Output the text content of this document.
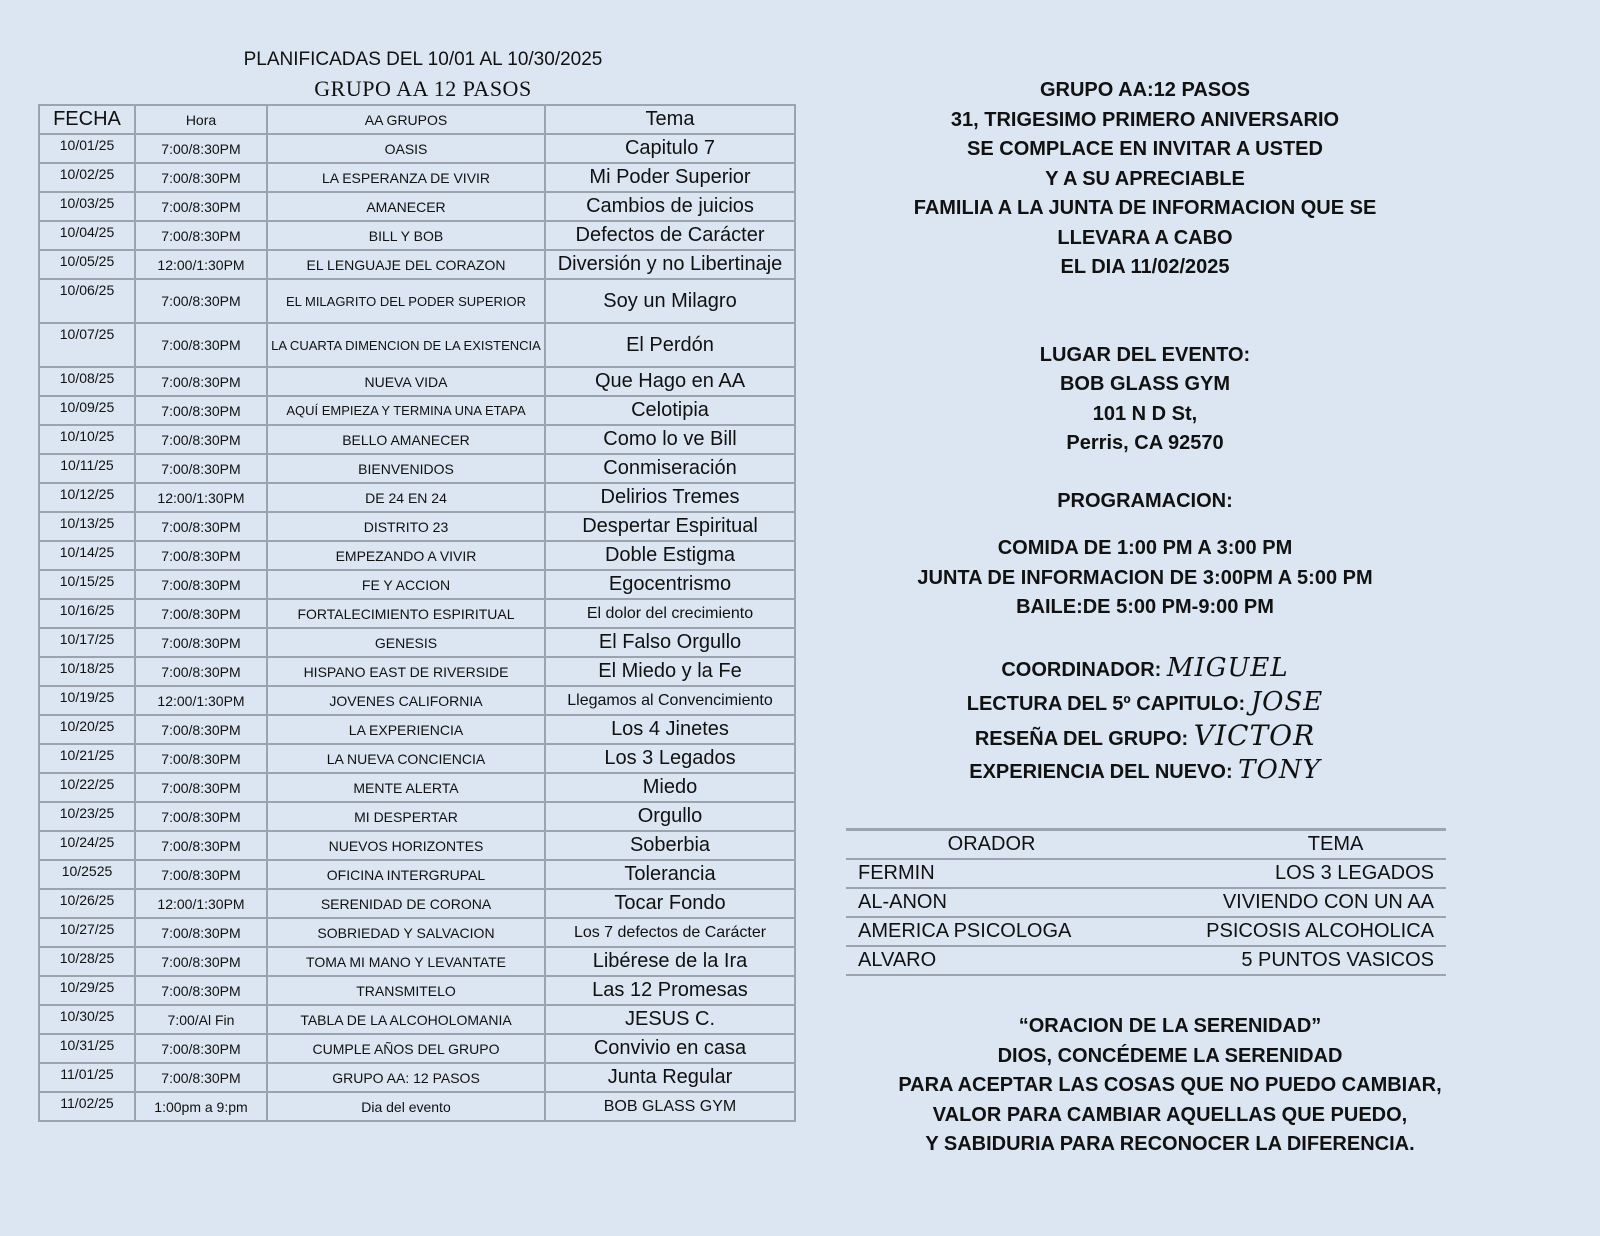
PLANIFICADAS DEL 10/01 AL 10/30/2025
GRUPO AA 12 PASOS
FECHA	Hora	AA GRUPOS	Tema
10/01/25	7:00/8:30PM	OASIS	Capitulo 7
10/02/25	7:00/8:30PM	LA ESPERANZA DE VIVIR	Mi Poder Superior
10/03/25	7:00/8:30PM	AMANECER	Cambios de juicios
10/04/25	7:00/8:30PM	BILL Y BOB	Defectos de Carácter
10/05/25	12:00/1:30PM	EL LENGUAJE DEL CORAZON	Diversión y no Libertinaje
10/06/25	7:00/8:30PM	EL MILAGRITO DEL PODER SUPERIOR	Soy un Milagro
10/07/25	7:00/8:30PM	LA CUARTA DIMENCION DE LA EXISTENCIA	El Perdón
10/08/25	7:00/8:30PM	NUEVA VIDA	Que Hago en AA
10/09/25	7:00/8:30PM	AQUÍ EMPIEZA Y TERMINA UNA ETAPA	Celotipia
10/10/25	7:00/8:30PM	BELLO AMANECER	Como lo ve Bill
10/11/25	7:00/8:30PM	BIENVENIDOS	Conmiseración
10/12/25	12:00/1:30PM	DE 24 EN 24	Delirios Tremes
10/13/25	7:00/8:30PM	DISTRITO 23	Despertar Espiritual
10/14/25	7:00/8:30PM	EMPEZANDO A VIVIR	Doble Estigma
10/15/25	7:00/8:30PM	FE Y ACCION	Egocentrismo
10/16/25	7:00/8:30PM	FORTALECIMIENTO ESPIRITUAL	El dolor del crecimiento
10/17/25	7:00/8:30PM	GENESIS	El Falso Orgullo
10/18/25	7:00/8:30PM	HISPANO EAST DE RIVERSIDE	El Miedo y la Fe
10/19/25	12:00/1:30PM	JOVENES CALIFORNIA	Llegamos al Convencimiento
10/20/25	7:00/8:30PM	LA EXPERIENCIA	Los 4 Jinetes
10/21/25	7:00/8:30PM	LA NUEVA CONCIENCIA	Los 3 Legados
10/22/25	7:00/8:30PM	MENTE ALERTA	Miedo
10/23/25	7:00/8:30PM	MI DESPERTAR	Orgullo
10/24/25	7:00/8:30PM	NUEVOS HORIZONTES	Soberbia
10/2525	7:00/8:30PM	OFICINA INTERGRUPAL	Tolerancia
10/26/25	12:00/1:30PM	SERENIDAD DE CORONA	Tocar Fondo
10/27/25	7:00/8:30PM	SOBRIEDAD Y SALVACION	Los 7 defectos de Carácter
10/28/25	7:00/8:30PM	TOMA MI MANO Y LEVANTATE	Libérese de la Ira
10/29/25	7:00/8:30PM	TRANSMITELO	Las 12 Promesas
10/30/25	7:00/Al Fin	TABLA DE LA ALCOHOLOMANIA	JESUS C.
10/31/25	7:00/8:30PM	CUMPLE AÑOS DEL GRUPO	Convivio en casa
11/01/25	7:00/8:30PM	GRUPO AA: 12 PASOS	Junta Regular
11/02/25	1:00pm a 9:pm	Dia del evento	BOB GLASS GYM
GRUPO AA:12 PASOS
31, TRIGESIMO PRIMERO ANIVERSARIO
SE COMPLACE EN INVITAR A USTED
Y A SU APRECIABLE
FAMILIA A LA JUNTA DE INFORMACION QUE SE
LLEVARA A CABO
EL DIA 11/02/2025
LUGAR DEL EVENTO:
BOB GLASS GYM
101 N D St,
Perris, CA 92570
PROGRAMACION:
COMIDA DE 1:00 PM A 3:00 PM
JUNTA DE INFORMACION DE 3:00PM A 5:00 PM
BAILE:DE 5:00 PM-9:00 PM
COORDINADOR: MIGUEL
LECTURA DEL 5º CAPITULO: JOSE
RESEÑA DEL GRUPO: VICTOR
EXPERIENCIA DEL NUEVO: TONY
ORADOR	TEMA
FERMIN	LOS 3 LEGADOS
AL-ANON	VIVIENDO CON UN AA
AMERICA PSICOLOGA	PSICOSIS ALCOHOLICA
ALVARO	5 PUNTOS VASICOS
“ORACION DE LA SERENIDAD”
DIOS, CONCÉDEME LA SERENIDAD
PARA ACEPTAR LAS COSAS QUE NO PUEDO CAMBIAR,
VALOR PARA CAMBIAR AQUELLAS QUE PUEDO,
Y SABIDURIA PARA RECONOCER LA DIFERENCIA.
